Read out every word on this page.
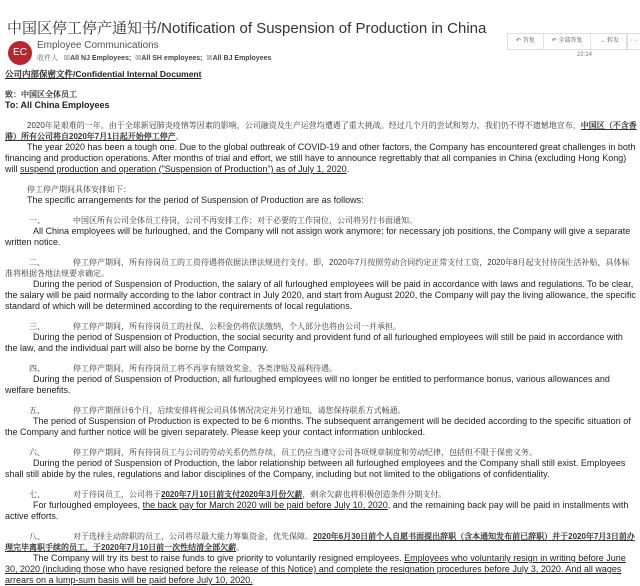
中国区停工停产通知书/Notification of Suspension of Production in China
EC
Employee Communications
收件人 ☒All NJ Employees; ☒All SH employees; ☒All BJ Employees
↶ 答复	↶ 全部答复	→ 转发	···
22:14

公司内部保密文件/Confidential Internal Document

致：中国区全体员工

To: All China Employees

2020年是艰难的一年。由于全球新冠肺炎疫情等因素的影响，公司融资及生产运营均遭遇了重大挑战。经过几个月的尝试和努力，我们仍不得不遗憾地宣布，中国区（不含香港）所有公司将自2020年7月1日起开始停工停产。

The year 2020 has been a tough one. Due to the global outbreak of COVID-19 and other factors, the Company has encountered great challenges in both financing and production operations. After months of trial and effort, we still have to announce regrettably that all companies in China (excluding Hong Kong) will suspend production and operation ("Suspension of Production") as of July 1, 2020.

停工停产期间具体安排如下：

The specific arrangements for the period of Suspension of Production are as follows:

一、	中国区所有公司全体员工待岗，公司不再安排工作；对于必要的工作岗位，公司将另行书面通知。

All China employees will be furloughed, and the Company will not assign work anymore; for necessary job positions, the Company will give a separate written notice.

二、	停工停产期间，所有待岗员工的工资待遇将依据法律法规进行支付。即，2020年7月按照劳动合同约定正常支付工资，2020年8月起支付待岗生活补贴，具体标准将根据各地法规要求确定。

During the period of Suspension of Production, the salary of all furloughed employees will be paid in accordance with laws and regulations. To be clear, the salary will be paid normally according to the labor contract in July 2020, and start from August 2020, the Company will pay the living allowance, the specific standard of which will be determined according to the requirements of local regulations.

三、	停工停产期间，所有待岗员工的社保、公积金仍将依法缴纳，个人部分也将由公司一并承担。

During the period of Suspension of Production, the social security and provident fund of all furloughed employees will still be paid in accordance with the law, and the individual part will also be borne by the Company.

四、	停工停产期间，所有待岗员工将不再享有绩效奖金、各类津贴及福利待遇。

During the period of Suspension of Production, all furloughed employees will no longer be entitled to performance bonus, various allowances and welfare benefits.

五、	停工停产期预计6个月，后续安排将视公司具体情况决定并另行通知，请您保持联系方式畅通。

The period of Suspension of Production is expected to be 6 months. The subsequent arrangement will be decided according to the specific situation of the Company and further notice will be given separately. Please keep your contact information unblocked.

六、	停工停产期间，所有待岗员工与公司的劳动关系仍然存续，员工仍应当遵守公司各项规章制度和劳动纪律，包括但不限于保密义务。

During the period of Suspension of Production, the labor relationship between all furloughed employees and the Company shall still exist. Employees shall still abide by the rules, regulations and labor disciplines of the Company, including but not limited to the obligations of confidentiality.

七、	对于待岗员工，公司将于2020年7月10日前支付2020年3月份欠薪，剩余欠薪也将积极创造条件分期支付。

For furloughed employees, the back pay for March 2020 will be paid before July 10, 2020, and the remaining back pay will be paid in installments with active efforts.

八、	对于选择主动辞职的员工，公司将尽最大能力筹集资金，优先保障。2020年6月30日前个人自愿书面提出辞职（含本通知发布前已辞职）并于2020年7月3日前办理完毕离职手续的员工，于2020年7月10日前一次性结清全部欠薪。

The Company will try its best to raise funds to give priority to voluntarily resigned employees. Employees who voluntarily resign in writing before June 30, 2020 (including those who have resigned before the release of this Notice) and complete the resignation procedures before July 3, 2020. And all wages arrears on a lump-sum basis will be paid before July 10, 2020.
